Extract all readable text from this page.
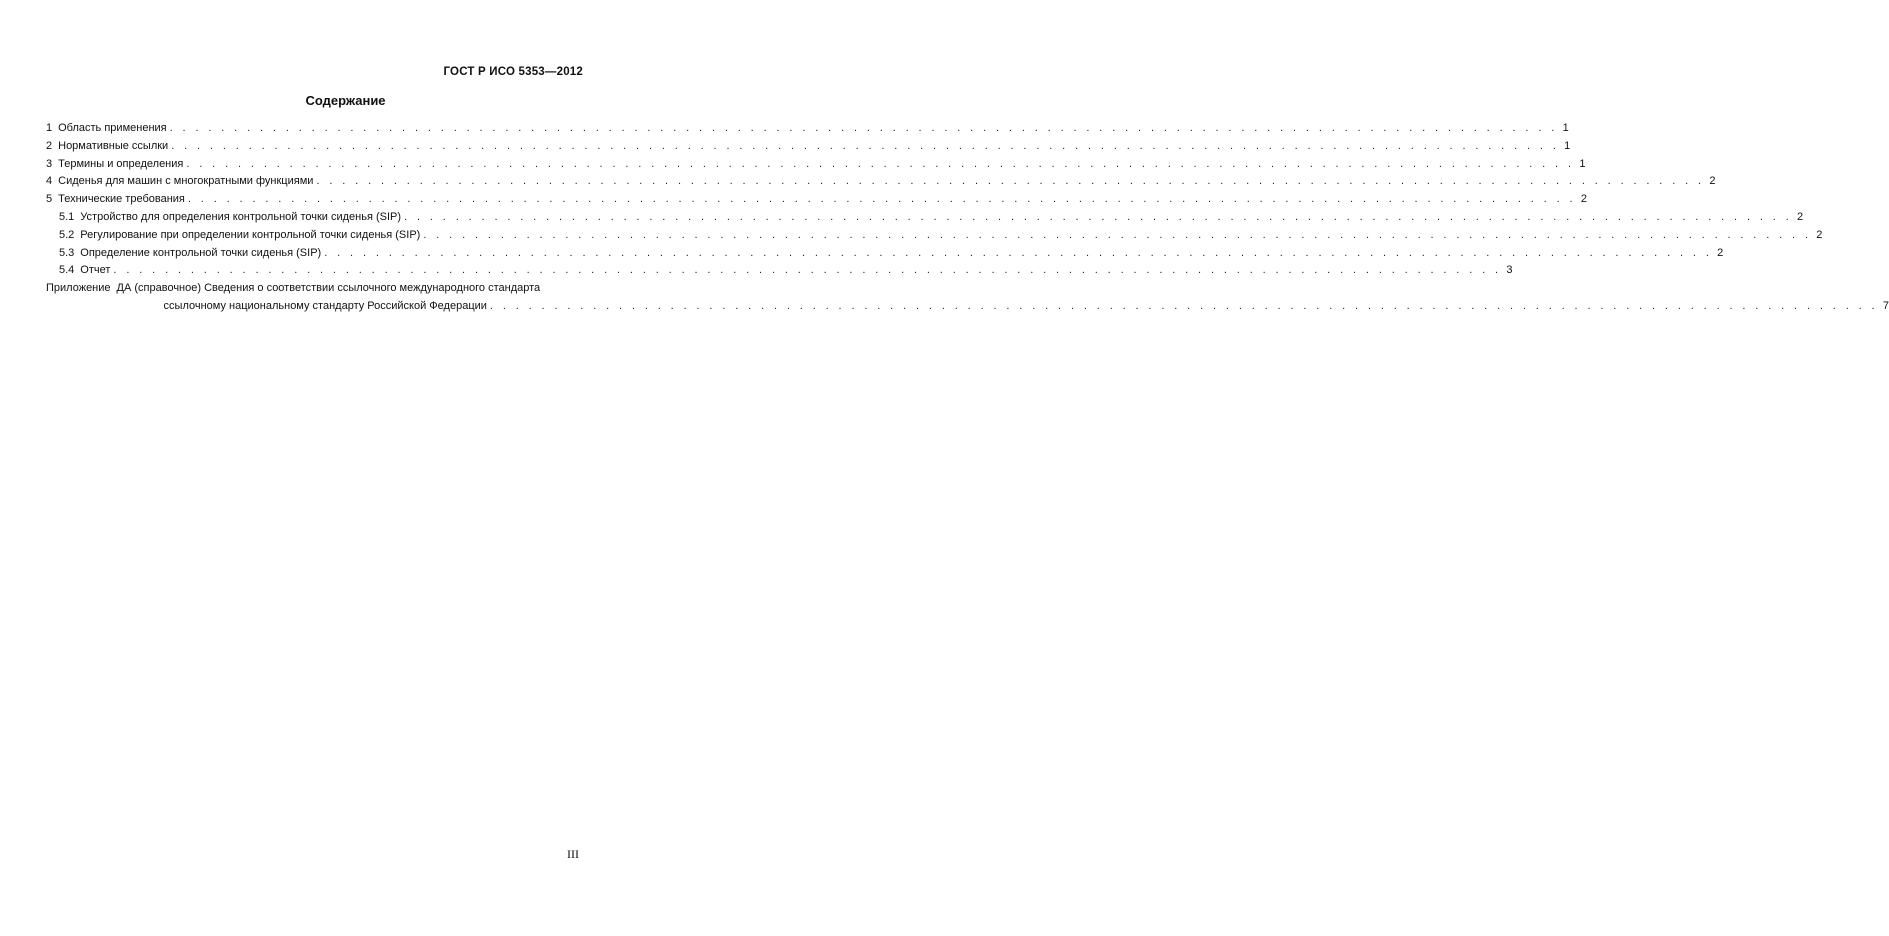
ГОСТ Р ИСО 5353—2012
Содержание
1 Область применения . . .	1
2 Нормативные ссылки . . .	1
3 Термины и определения . . .	1
4 Сиденья для машин с многократными функциями . . .	2
5 Технические требования . . .	2
5.1 Устройство для определения контрольной точки сиденья (SIP) . . .	2
5.2 Регулирование при определении контрольной точки сиденья (SIP) . . .	2
5.3 Определение контрольной точки сиденья (SIP) . . .	2
5.4 Отчет . . .	3
Приложение ДА (справочное) Сведения о соответствии ссылочного международного стандарта
ссылочному национальному стандарту Российской Федерации . . .	7
III
